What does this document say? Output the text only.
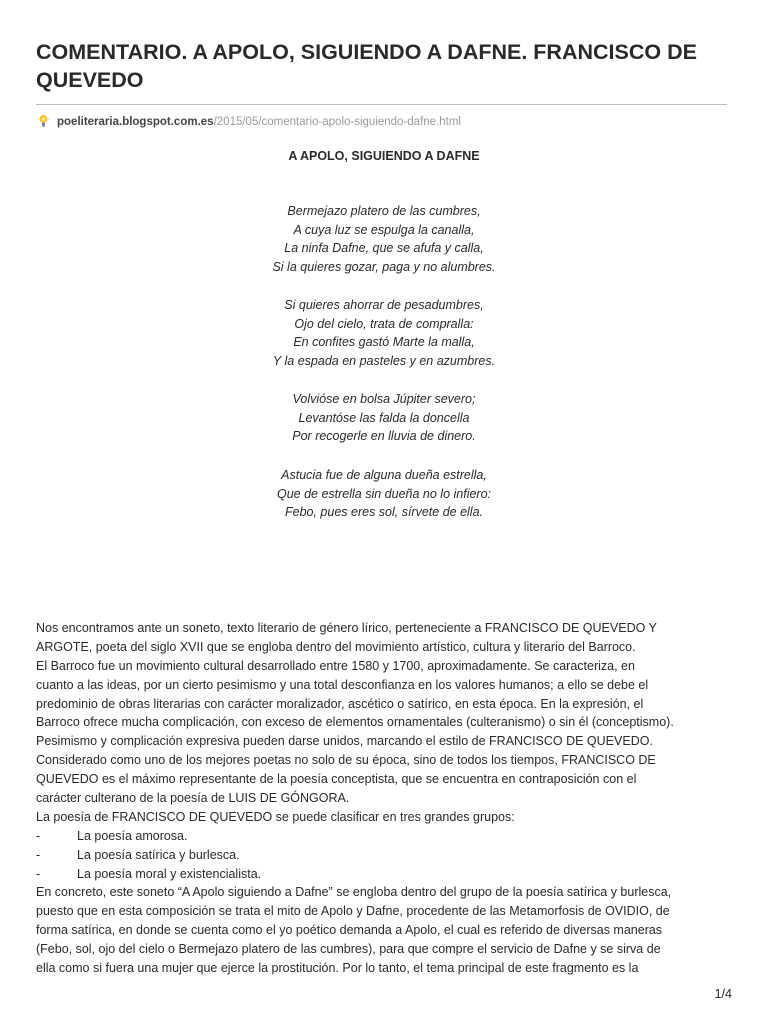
COMENTARIO. A APOLO, SIGUIENDO A DAFNE. FRANCISCO DE QUEVEDO
poeliteraria.blogspot.com.es/2015/05/comentario-apolo-siguiendo-dafne.html
A APOLO, SIGUIENDO A DAFNE
Bermejazo platero de las cumbres,
A cuya luz se espulga la canalla,
La ninfa Dafne, que se afufa y calla,
Si la quieres gozar, paga y no alumbres.
Si quieres ahorrar de pesadumbres,
Ojo del cielo, trata de compralla:
En confites gastó Marte la malla,
Y la espada en pasteles y en azumbres.
Volvióse en bolsa Júpiter severo;
Levantóse las falda la doncella
Por recogerle en lluvia de dinero.
Astucia fue de alguna dueña estrella,
Que de estrella sin dueña no lo infiero:
Febo, pues eres sol, sírvete de ella.
Nos encontramos ante un soneto, texto literario de género lírico, perteneciente a FRANCISCO DE QUEVEDO Y
ARGOTE, poeta del siglo XVII que se engloba dentro del movimiento artístico, cultura y literario del Barroco.
El Barroco fue un movimiento cultural desarrollado entre 1580 y 1700, aproximadamente. Se caracteriza, en
cuanto a las ideas, por un cierto pesimismo y una total desconfianza en los valores humanos; a ello se debe el
predominio de obras literarias con carácter moralizador, ascético o satírico, en esta época. En la expresión, el
Barroco ofrece mucha complicación, con exceso de elementos ornamentales (culteranismo) o sin él (conceptismo).
Pesimismo y complicación expresiva pueden darse unidos, marcando el estilo de FRANCISCO DE QUEVEDO.
Considerado como uno de los mejores poetas no solo de su época, sino de todos los tiempos, FRANCISCO DE
QUEVEDO es el máximo representante de la poesía conceptista, que se encuentra en contraposición con el
carácter culterano de la poesía de LUIS DE GÓNGORA.
La poesía de FRANCISCO DE QUEVEDO se puede clasificar en tres grandes grupos:
-	La poesía amorosa.
-	La poesía satírica y burlesca.
-	La poesía moral y existencialista.
En concreto, este soneto “A Apolo siguiendo a Dafne” se engloba dentro del grupo de la poesía satírica y burlesca,
puesto que en esta composición se trata el mito de Apolo y Dafne, procedente de las Metamorfosis de OVIDIO, de
forma satírica, en donde se cuenta como el yo poético demanda a Apolo, el cual es referido de diversas maneras
(Febo, sol, ojo del cielo o Bermejazo platero de las cumbres), para que compre el servicio de Dafne y se sirva de
ella como si fuera una mujer que ejerce la prostitución. Por lo tanto, el tema principal de este fragmento es la
1/4
